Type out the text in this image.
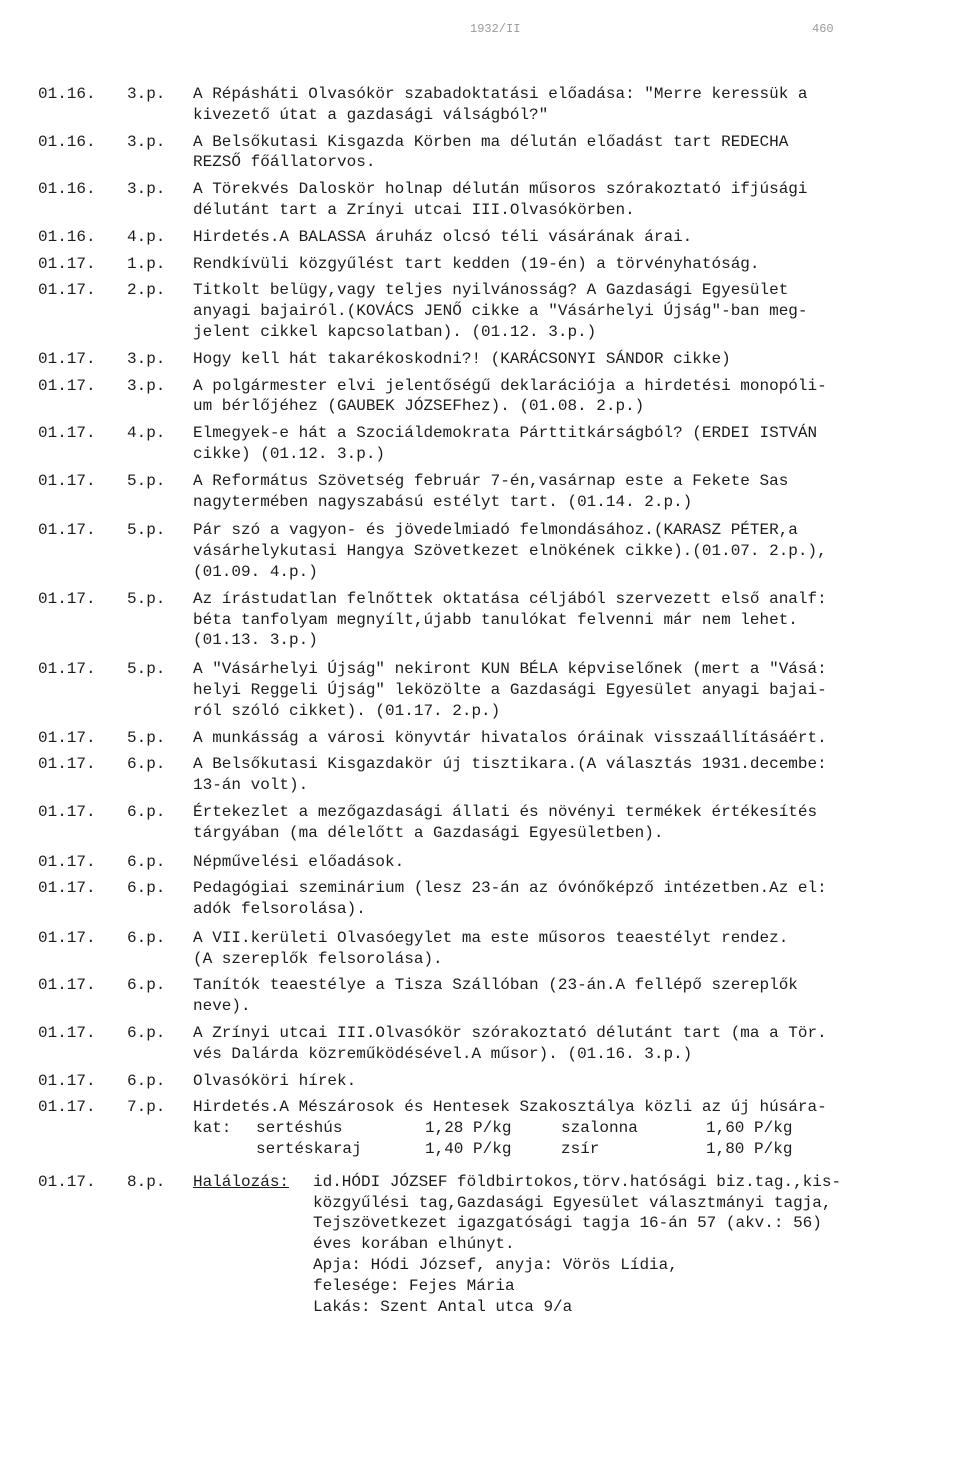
1932/II	460
01.16. 3.p. A Répásháti Olvasókör szabadoktatási előadása: "Merre keressük a
kivezető útat a gazdasági válságból?"
01.16. 3.p. A Belsőkutasi Kisgazda Körben ma délután előadást tart REDECHA
REZSŐ főállatorvos.
01.16. 3.p. A Törekvés Daloskör holnap délután műsoros szórakoztató ifjúsági
délutánt tart a Zrínyi utcai III.Olvasókörben.
01.16. 4.p. Hirdetés.A BALASSA áruház olcsó téli vásárának árai.
01.17. 1.p. Rendkívüli közgyűlést tart kedden (19-én) a törvényhatóság.
01.17. 2.p. Titkolt belügy,vagy teljes nyilvánosság? A Gazdasági Egyesület
anyagi bajairól.(KOVÁCS JENŐ cikke a "Vásárhelyi Újság"-ban meg-
jelent cikkel kapcsolatban). (01.12. 3.p.)
01.17. 3.p. Hogy kell hát takarékoskodni?! (KARÁCSONYI SÁNDOR cikke)
01.17. 3.p. A polgármester elvi jelentőségű deklarációja a hirdetési monopóli-
um bérlőjéhez (GAUBEK JÓZSEFhez). (01.08. 2.p.)
01.17. 4.p. Elmegyek-e hát a Szociáldemokrata Párttitkárságból? (ERDEI ISTVÁN
cikke) (01.12. 3.p.)
01.17. 5.p. A Református Szövetség február 7-én,vasárnap este a Fekete Sas
nagytermében nagyszabású estélyt tart. (01.14. 2.p.)
01.17. 5.p. Pár szó a vagyon- és jövedelmiadó felmondásához.(KARASZ PÉTER,a
vásárhelykutasi Hangya Szövetkezet elnökének cikke).(01.07. 2.p.),
(01.09. 4.p.)
01.17. 5.p. Az írástudatlan felnőttek oktatása céljából szervezett első analf:
béta tanfolyam megnyílt,újabb tanulókat felvenni már nem lehet.
(01.13. 3.p.)
01.17. 5.p. A "Vásárhelyi Újság" nekiront KUN BÉLA képviselőnek (mert a "Vásá:
helyi Reggeli Újság" leközölte a Gazdasági Egyesület anyagi bajai-
ról szóló cikket). (01.17. 2.p.)
01.17. 5.p. A munkásság a városi könyvtár hivatalos óráinak visszaállításáért.
01.17. 6.p. A Belsőkutasi Kisgazdakör új tisztikara.(A választás 1931.decembe:
13-án volt).
01.17. 6.p. Értekezlet a mezőgazdasági állati és növényi termékek értékesítés
tárgyában (ma délelőtt a Gazdasági Egyesületben).
01.17. 6.p. Népművelési előadások.
01.17. 6.p. Pedagógiai szeminárium (lesz 23-án az óvónőképző intézetben.Az el:
adók felsorolása).
01.17. 6.p. A VII.kerületi Olvasóegylet ma este műsoros teaestélyt rendez.
(A szereplők felsorolása).
01.17. 6.p. Tanítók teaestélye a Tisza Szállóban (23-án.A fellépő szereplők
neve).
01.17. 6.p. A Zrínyi utcai III.Olvasókör szórakoztató délutánt tart (ma a Tör.
vés Dalárda közreműködésével.A műsor). (01.16. 3.p.)
01.17. 6.p. Olvasóköri hírek.
01.17. 7.p. Hirdetés.A Mészárosok és Hentesek Szakosztálya közli az új húsára-
kat: sertéshús	1,28 P/kg	szalonna	1,60 P/kg
sertéskaraj	1,40 P/kg	zsír	1,80 P/kg
01.17. 8.p. Halálozás: id.HÓDI JÓZSEF földbirtokos,törv.hatósági biz.tag.,kis-
közgyűlési tag,Gazdasági Egyesület választmányi tagja,
Tejszövetkezet igazgatósági tagja 16-án 57 (akv.: 56)
éves korában elhúnyt.
Apja: Hódi József, anyja: Vörös Lídia,
felesége: Fejes Mária
Lakás: Szent Antal utca 9/a
